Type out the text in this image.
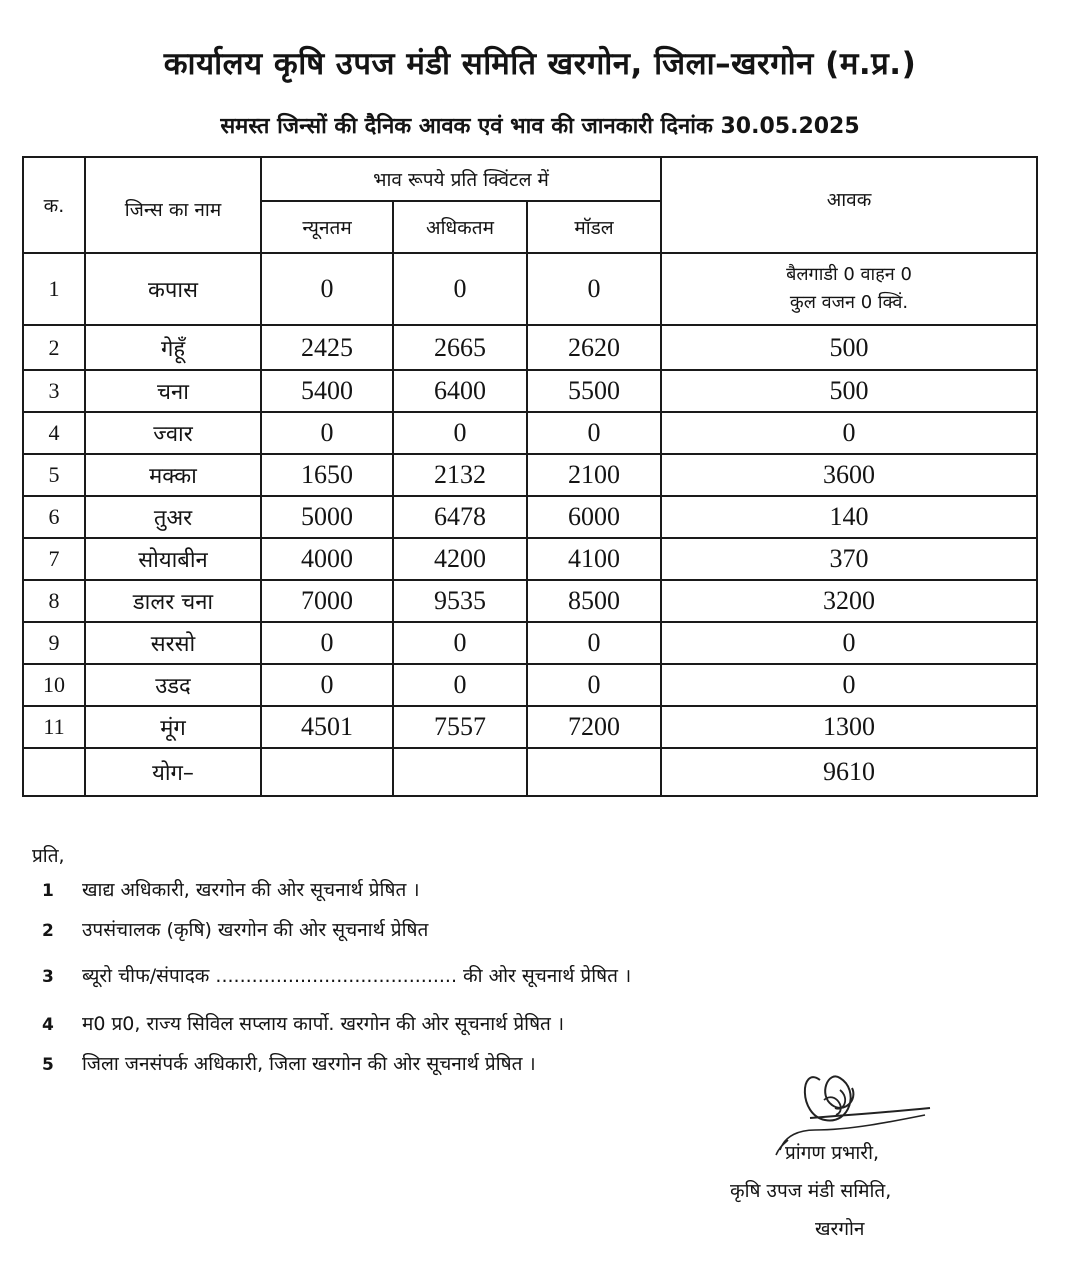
कार्यालय कृषि उपज मंडी समिति खरगोन, जिला–खरगोन (म.प्र.)
समस्त जिन्सों की दैनिक आवक एवं भाव की जानकारी दिनांक 30.05.2025
क.	जिन्स का नाम	भाव रूपये प्रति क्विंटल में			आवक
		न्यूनतम	अधिकतम	मॉडल	
1	कपास	0	0	0	बैलगाडी 0 वाहन 0
कुल वजन 0 क्विं.

2	गेहूँ	2425	2665	2620	500
3	चना	5400	6400	5500	500
4	ज्वार	0	0	0	0
5	मक्का	1650	2132	2100	3600
6	तुअर	5000	6478	6000	140
7	सोयाबीन	4000	4200	4100	370
8	डालर चना	7000	9535	8500	3200
9	सरसो	0	0	0	0
10	उडद	0	0	0	0
11	मूंग	4501	7557	7200	1300
	योग–				9610
प्रति,
1 खाद्य अधिकारी, खरगोन की ओर सूचनार्थ प्रेषित ।
2 उपसंचालक (कृषि) खरगोन की ओर सूचनार्थ प्रेषित
3 ब्यूरो चीफ/संपादक ........................................ की ओर सूचनार्थ प्रेषित ।
4 म0 प्र0, राज्य सिविल सप्लाय कार्पो. खरगोन की ओर सूचनार्थ प्रेषित ।
5 जिला जनसंपर्क अधिकारी, जिला खरगोन की ओर सूचनार्थ प्रेषित ।
प्रांगण प्रभारी,
कृषि उपज मंडी समिति,
खरगोन
